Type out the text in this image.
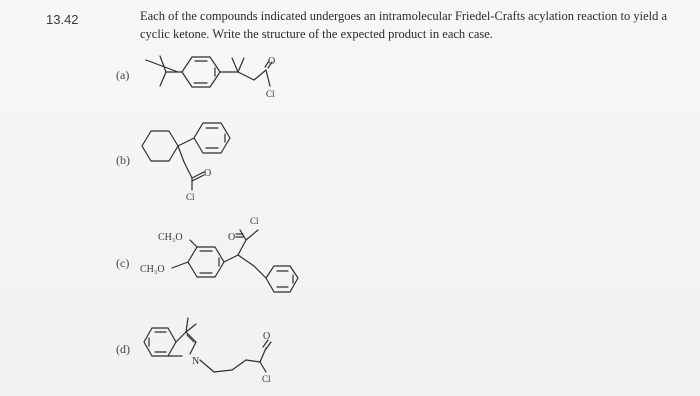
13.42	Each of the compounds indicated undergoes an intramolecular Friedel-Crafts acylation reaction to yield a cyclic ketone. Write the structure of the expected product in each case.
(a)
(b)
(c)
(d)
O
Cl
O
Cl
CH₃O
CH₃O
O
Cl
N
O
Cl
